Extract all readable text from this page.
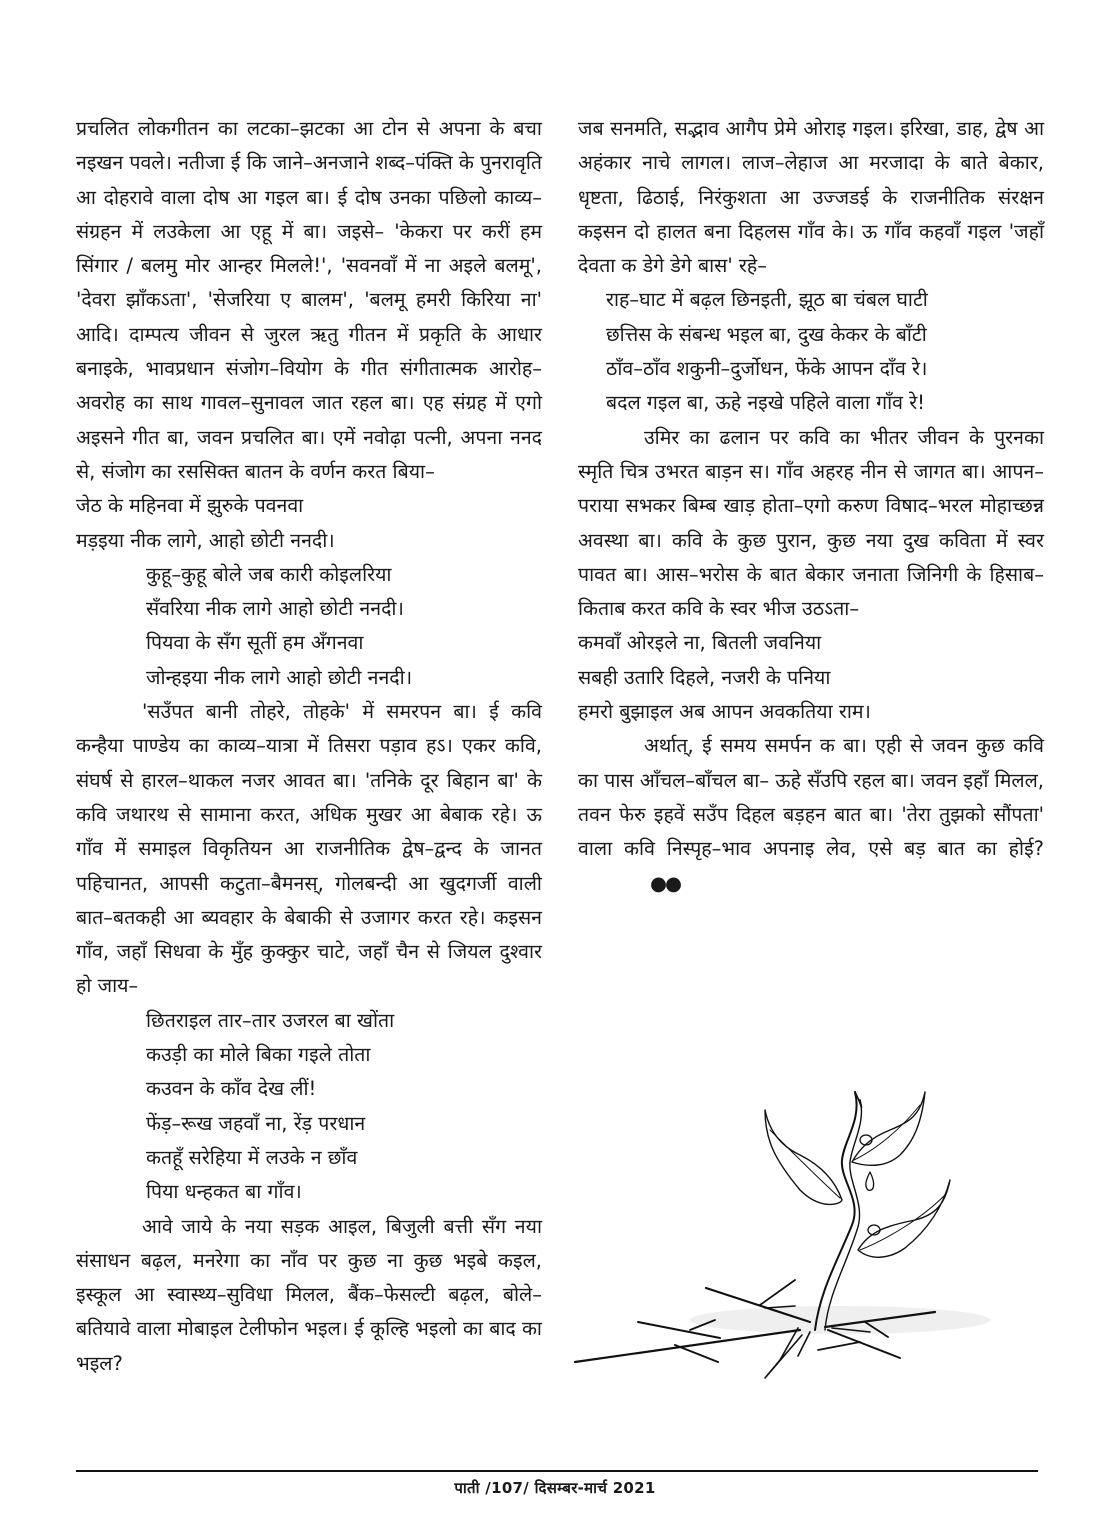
प्रचलित लोकगीतन का लटका–झटका आ टोन से अपना के बचा नइखन पवले। नतीजा ई कि जाने–अनजाने शब्द–पंक्ति के पुनरावृति आ दोहरावे वाला दोष आ गइल बा। ई दोष उनका पछिलो काव्य–संग्रहन में लउकेला आ एहू में बा। जइसे– 'केकरा पर करीं हम सिंगार / बलमु मोर आन्हर मिलले!', 'सवनवाँ में ना अइले बलमू', 'देवरा झाँकऽता', 'सेजरिया ए बालम', 'बलमू हमरी किरिया ना' आदि। दाम्पत्य जीवन से जुरल ऋतु गीतन में प्रकृति के आधार बनाइके, भावप्रधान संजोग–वियोग के गीत संगीतात्मक आरोह–अवरोह का साथ गावल–सुनावल जात रहल बा। एह संग्रह में एगो अइसने गीत बा, जवन प्रचलित बा। एमें नवोढ़ा पत्नी, अपना ननद से, संजोग का रससिक्त बातन के वर्णन करत बिया–

जेठ के महिनवा में झुरुके पवनवा

मड़इया नीक लागे, आहो छोटी ननदी।

कुहू–कुहू बोले जब कारी कोइलरिया

सँवरिया नीक लागे आहो छोटी ननदी।

पियवा के सँग सूतीं हम अँगनवा

जोन्हइया नीक लागे आहो छोटी ननदी।

'सउँपत बानी तोहरे, तोहके' में समरपन बा। ई कवि कन्हैया पाण्डेय का काव्य–यात्रा में तिसरा पड़ाव हऽ। एकर कवि, संघर्ष से हारल–थाकल नजर आवत बा। 'तनिके दूर बिहान बा' के कवि जथारथ से सामाना करत, अधिक मुखर आ बेबाक रहे। ऊ गाँव में समाइल विकृतियन आ राजनीतिक द्वेष–द्वन्द के जानत पहिचानत, आपसी कटुता–बैमनस्, गोलबन्दी आ खुदगर्जी वाली बात–बतकही आ ब्यवहार के बेबाकी से उजागर करत रहे। कइसन गाँव, जहाँ सिधवा के मुँह कुक्कुर चाटे, जहाँ चैन से जियल दुश्वार हो जाय–

छितराइल तार–तार उजरल बा खोंता

कउड़ी का मोले बिका गइले तोता

कउवन के काँव देख लीं!

फेंड़–रूख जहवाँ ना, रेंड़ परधान

कतहूँ सरेहिया में लउके न छाँव

पिया धन्हकत बा गाँव।

आवे जाये के नया सड़क आइल, बिजुली बत्ती सँग नया संसाधन बढ़ल, मनरेगा का नाँव पर कुछ ना कुछ भइबे कइल, इस्कूल आ स्वास्थ्य–सुविधा मिलल, बैंक–फेसल्टी बढ़ल, बोले–बतियावे वाला मोबाइल टेलीफोन भइल। ई कूल्हि भइलो का बाद का भइल?

जब सनमति, सद्भाव आगैप प्रेमे ओराइ गइल। इरिखा, डाह, द्वेष आ अहंकार नाचे लागल। लाज–लेहाज आ मरजादा के बाते बेकार, धृष्टता, ढिठाई, निरंकुशता आ उज्जडई के राजनीतिक संरक्षन कइसन दो हालत बना दिहलस गाँव के। ऊ गाँव कहवाँ गइल 'जहाँ देवता क डेगे डेगे बास' रहे–

राह–घाट में बढ़ल छिनइती, झूठ बा चंबल घाटी

छत्तिस के संबन्ध भइल बा, दुख केकर के बाँटी

ठाँव–ठाँव शकुनी–दुर्जोधन, फेंके आपन दाँव रे।

बदल गइल बा, ऊहे नइखे पहिले वाला गाँव रे!

उमिर का ढलान पर कवि का भीतर जीवन के पुरनका स्मृति चित्र उभरत बाड़न स। गाँव अहरह नीन से जागत बा। आपन–पराया सभकर बिम्ब खाड़ होता–एगो करुण विषाद–भरल मोहाच्छन्न अवस्था बा। कवि के कुछ पुरान, कुछ नया दुख कविता में स्वर पावत बा। आस–भरोस के बात बेकार जनाता जिनिगी के हिसाब–किताब करत कवि के स्वर भीज उठऽता–

कमवाँ ओरइले ना, बितली जवनिया

सबही उतारि दिहले, नजरी के पनिया

हमरो बुझाइल अब आपन अवकतिया राम।

अर्थात्, ई समय समर्पन क बा। एही से जवन कुछ कवि का पास आँचल–बाँचल बा– ऊहे सँउपि रहल बा। जवन इहाँ मिलल, तवन फेरु इहवें सउँप दिहल बड़हन बात बा। 'तेरा तुझको सौंपता' वाला कवि निस्पृह–भाव अपनाइ लेव, एसे बड़ बात का होई?●●

पाती /107/ दिसम्बर-मार्च 2021
